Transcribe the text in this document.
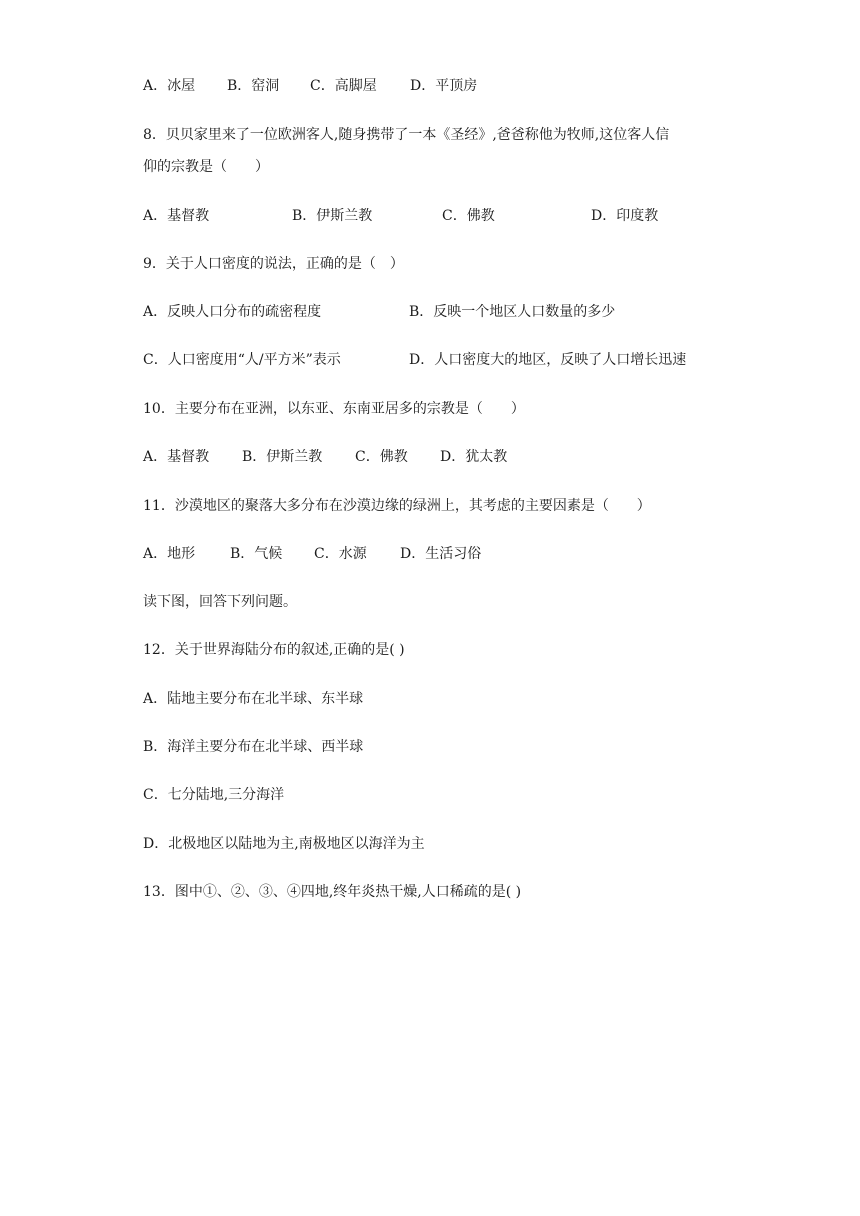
A．冰屋 B．窑洞 C．高脚屋 D．平顶房
8．贝贝家里来了一位欧洲客人,随身携带了一本《圣经》,爸爸称他为牧师,这位客人信
仰的宗教是（　　）
A．基督教	B．伊斯兰教	C．佛教	D．印度教
9．关于人口密度的说法，正确的是（　）
A．反映人口分布的疏密程度	B．反映一个地区人口数量的多少
C．人口密度用“人/平方米”表示	D．人口密度大的地区，反映了人口增长迅速
10．主要分布在亚洲，以东亚、东南亚居多的宗教是（　　）
A．基督教 B．伊斯兰教 C．佛教 D．犹太教
11．沙漠地区的聚落大多分布在沙漠边缘的绿洲上，其考虑的主要因素是（　　）
A．地形 B．气候 C．水源 D．生活习俗
读下图，回答下列问题。
12．关于世界海陆分布的叙述,正确的是( )
A．陆地主要分布在北半球、东半球
B．海洋主要分布在北半球、西半球
C．七分陆地,三分海洋
D．北极地区以陆地为主,南极地区以海洋为主
13．图中①、②、③、④四地,终年炎热干燥,人口稀疏的是( )
